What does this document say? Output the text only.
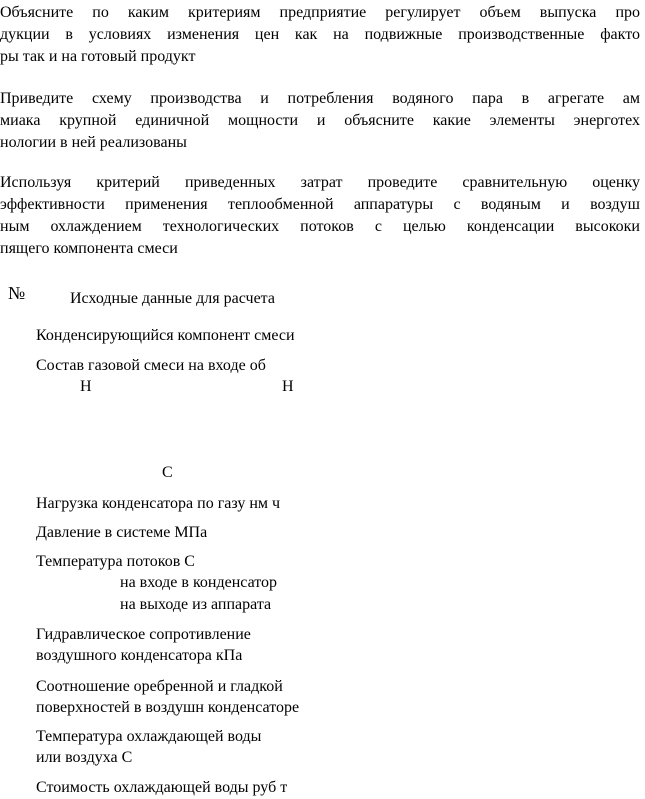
Объясните по каким критериям предприятие регулирует объем выпуска про
дукции в условиях изменения цен как на подвижные производственные факто
ры так и на готовый продукт
Приведите схему производства и потребления водяного пара в агрегате ам
миака крупной единичной мощности и объясните какие элементы энерготех
нологии в ней реализованы
Используя критерий приведенных затрат проведите сравнительную оценку
эффективности применения теплообменной аппаратуры с водяным и воздуш
ным охлаждением технологических потоков с целью конденсации высококи
пящего компонента смеси
№	Исходные данные для расчета
Конденсирующийся компонент смеси
Состав газовой смеси на входе об
Н	Н
С
Нагрузка конденсатора по газу нм ч
Давление в системе МПа
Температура потоков С
на входе в конденсатор
на выходе из аппарата
Гидравлическое сопротивление
воздушного конденсатора кПа
Соотношение оребренной и гладкой
поверхностей в воздушн конденсаторе
Температура охлаждающей воды
или воздуха С
Стоимость охлаждающей воды руб т
